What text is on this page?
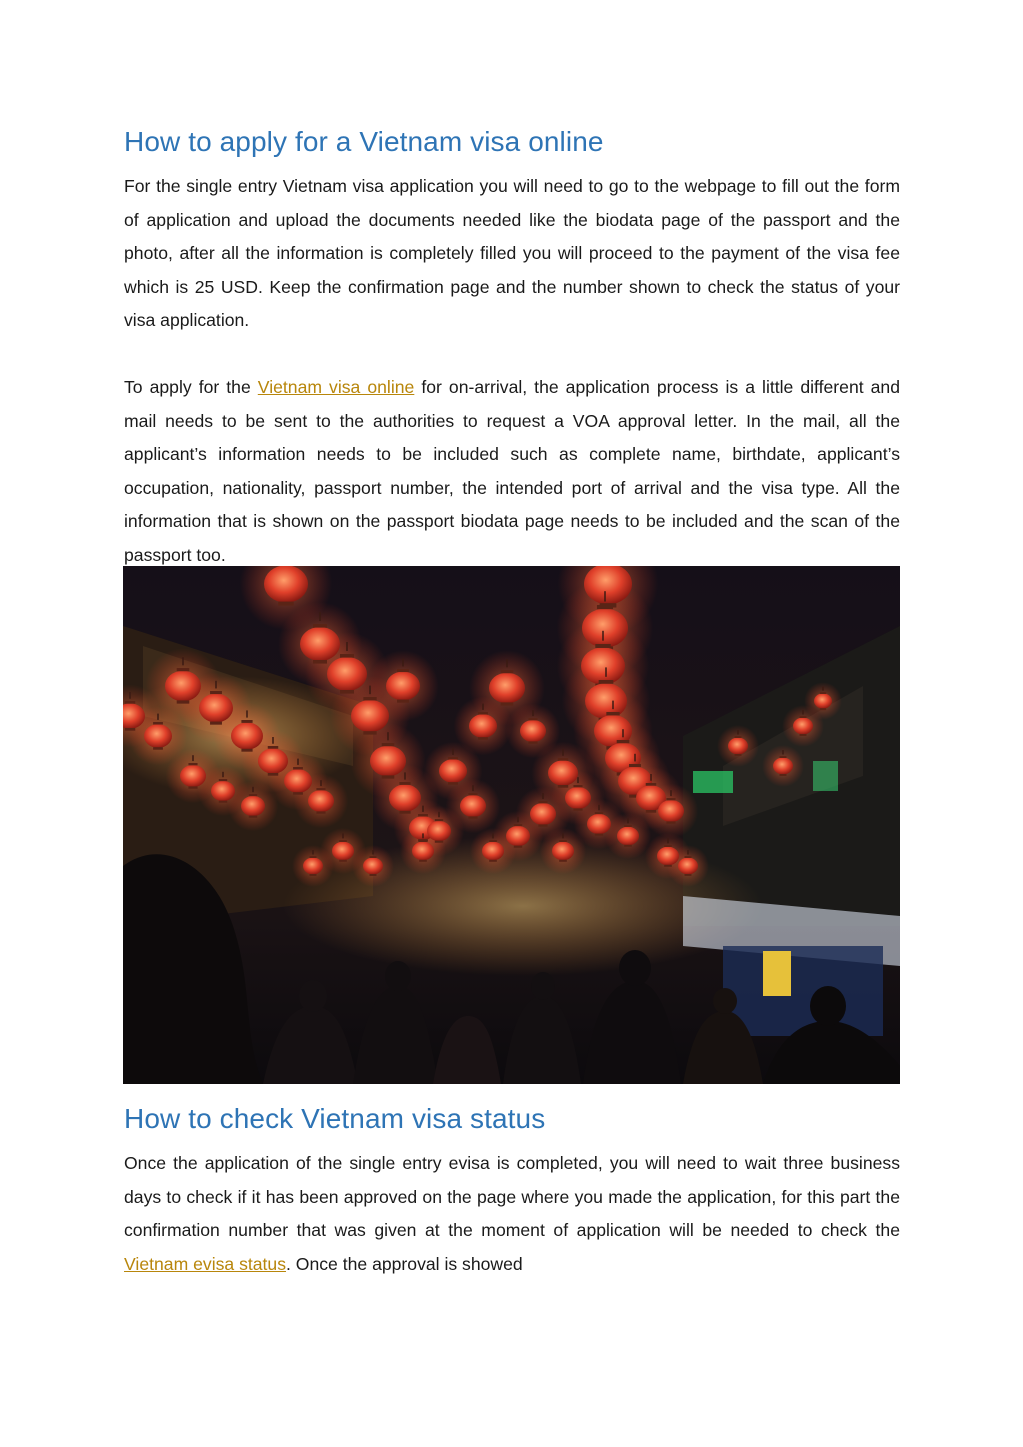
How to apply for a Vietnam visa online

For the single entry Vietnam visa application you will need to go to the webpage to fill out the form of application and upload the documents needed like the biodata page of the passport and the photo, after all the information is completely filled you will proceed to the payment of the visa fee which is 25 USD. Keep the confirmation page and the number shown to check the status of your visa application.

To apply for the Vietnam visa online for on-arrival, the application process is a little different and mail needs to be sent to the authorities to request a VOA approval letter. In the mail, all the applicant’s information needs to be included such as complete name, birthdate, applicant’s occupation, nationality, passport number, the intended port of arrival and the visa type. All the information that is shown on the passport biodata page needs to be included and the scan of the passport too.

How to check Vietnam visa status

Once the application of the single entry evisa is completed, you will need to wait three business days to check if it has been approved on the page where you made the application, for this part the confirmation number that was given at the moment of application will be needed to check the Vietnam evisa status. Once the approval is showed
